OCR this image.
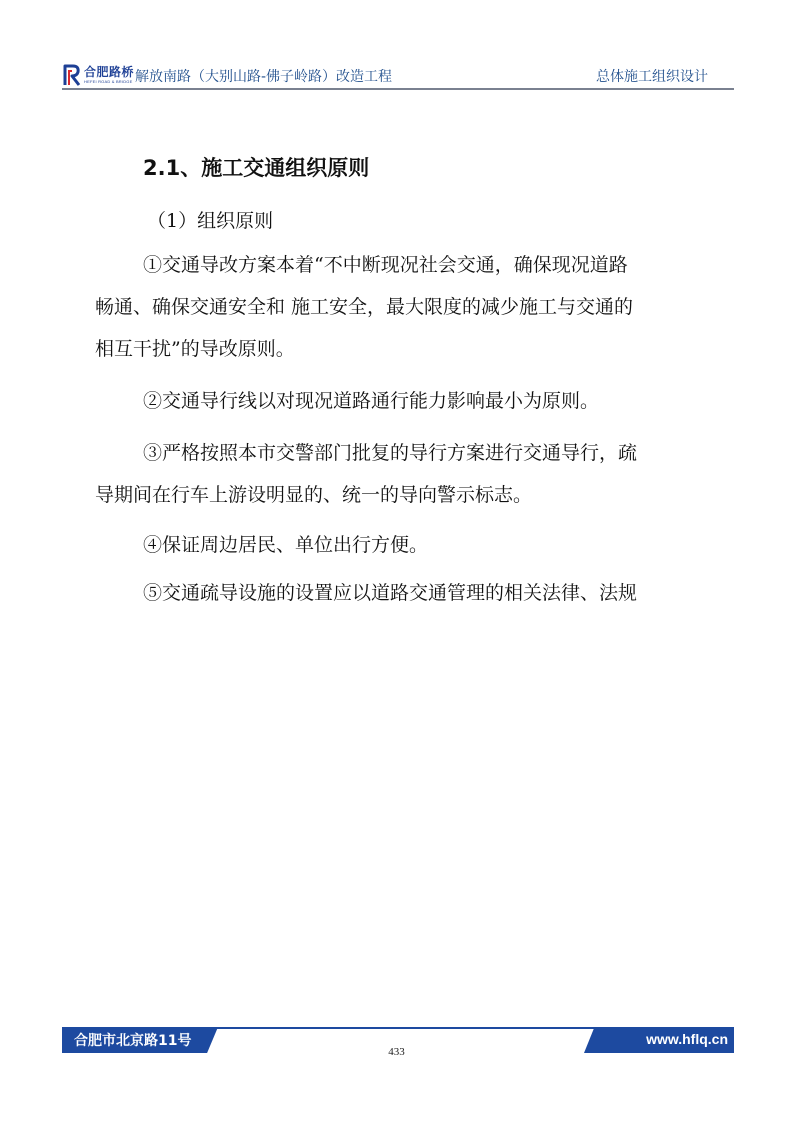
合肥路桥
HEFEI ROAD & BRIDGE 解放南路（大别山路-佛子岭路）改造工程	总体施工组织设计
2.1、施工交通组织原则
（1）组织原则
①交通导改方案本着“不中断现况社会交通，确保现况道路
畅通、确保交通安全和 施工安全，最大限度的减少施工与交通的
相互干扰”的导改原则。
②交通导行线以对现况道路通行能力影响最小为原则。
③严格按照本市交警部门批复的导行方案进行交通导行，疏
导期间在行车上游设明显的、统一的导向警示标志。
④保证周边居民、单位出行方便。
⑤交通疏导设施的设置应以道路交通管理的相关法律、法规
合肥市北京路11号	www.hflq.cn
433
